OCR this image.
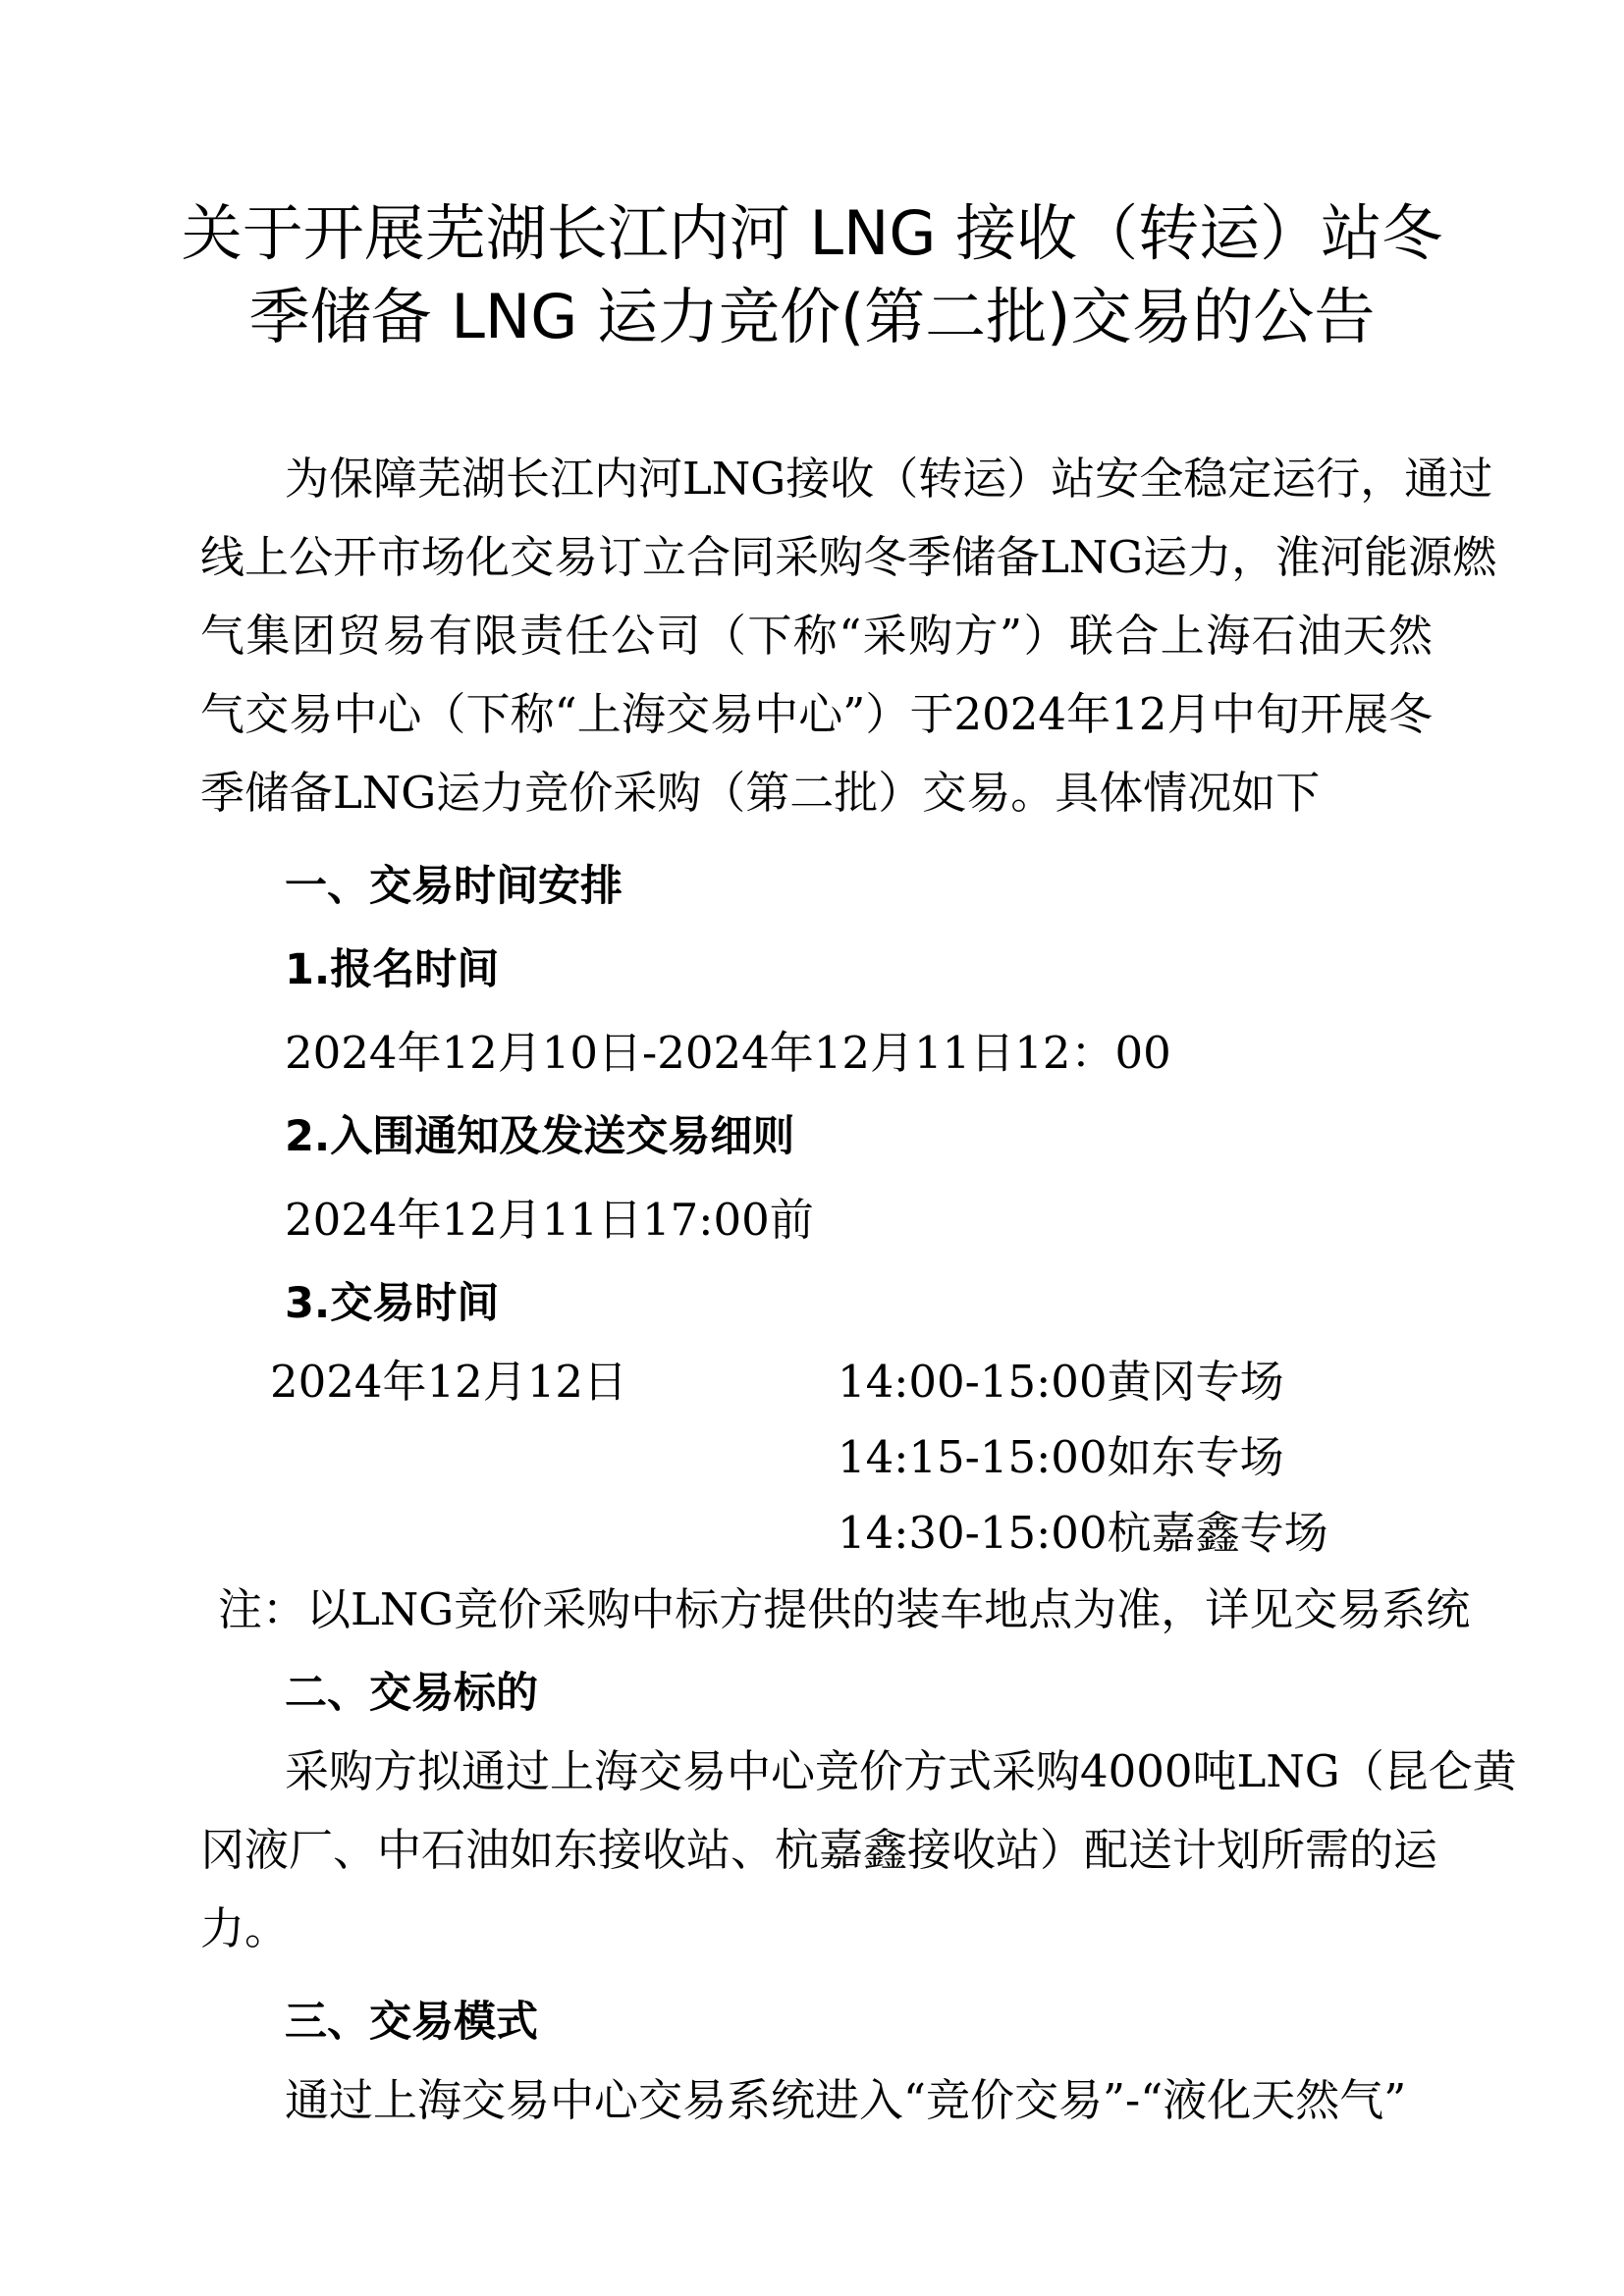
关于开展芜湖长江内河 LNG 接收（转运）站冬
季储备 LNG 运力竞价(第二批)交易的公告

为保障芜湖长江内河LNG接收（转运）站安全稳定运行，通过

线上公开市场化交易订立合同采购冬季储备LNG运力，淮河能源燃

气集团贸易有限责任公司（下称“采购方”）联合上海石油天然

气交易中心（下称“上海交易中心”）于2024年12月中旬开展冬

季储备LNG运力竞价采购（第二批）交易。具体情况如下

一、交易时间安排

1.报名时间

2024年12月10日-2024年12月11日12：00

2.入围通知及发送交易细则

2024年12月11日17:00前

3.交易时间

2024年12月12日	14:00-15:00黄冈专场

14:15-15:00如东专场

14:30-15:00杭嘉鑫专场

注：以LNG竞价采购中标方提供的装车地点为准，详见交易系统

二、交易标的

采购方拟通过上海交易中心竞价方式采购4000吨LNG（昆仑黄

冈液厂、中石油如东接收站、杭嘉鑫接收站）配送计划所需的运

力。

三、交易模式

通过上海交易中心交易系统进入“竞价交易”-“液化天然气”
